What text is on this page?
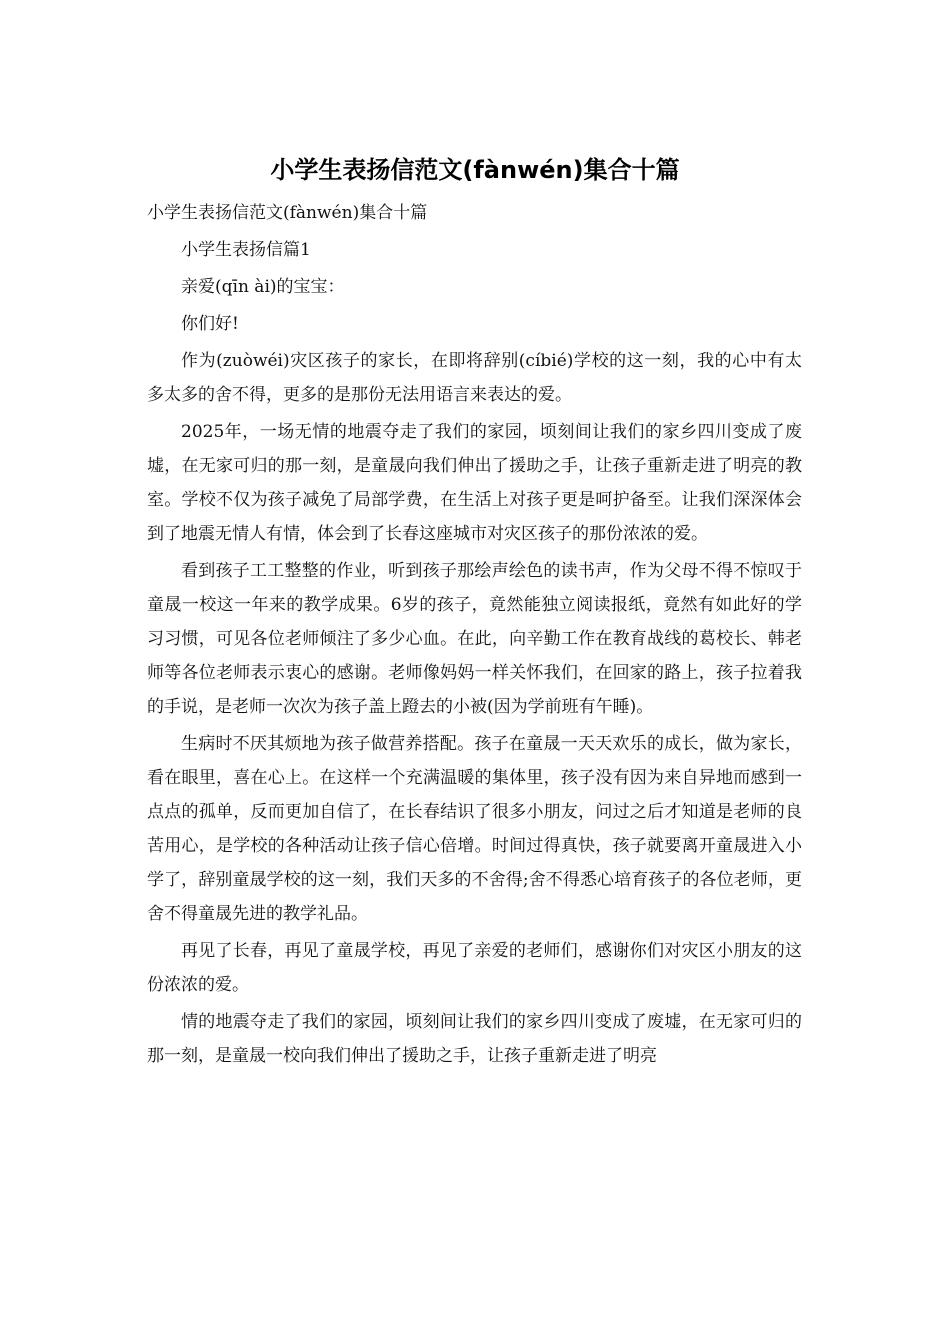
小学生表扬信范文(fànwén)集合十篇

小学生表扬信范文(fànwén)集合十篇

小学生表扬信篇1

亲爱(qīn ài)的宝宝：

你们好!

作为(zuòwéi)灾区孩子的家长，在即将辞别(cíbié)学校的这一刻，我的心中有太多太多的舍不得，更多的是那份无法用语言来表达的爱。

2025年，一场无情的地震夺走了我们的家园，顷刻间让我们的家乡四川变成了废墟，在无家可归的那一刻，是童晟向我们伸出了援助之手，让孩子重新走进了明亮的教室。学校不仅为孩子减免了局部学费，在生活上对孩子更是呵护备至。让我们深深体会到了地震无情人有情，体会到了长春这座城市对灾区孩子的那份浓浓的爱。

看到孩子工工整整的作业，听到孩子那绘声绘色的读书声，作为父母不得不惊叹于童晟一校这一年来的教学成果。6岁的孩子，竟然能独立阅读报纸，竟然有如此好的学习习惯，可见各位老师倾注了多少心血。在此，向辛勤工作在教育战线的葛校长、韩老师等各位老师表示衷心的感谢。老师像妈妈一样关怀我们，在回家的路上，孩子拉着我的手说，是老师一次次为孩子盖上蹬去的小被(因为学前班有午睡)。

生病时不厌其烦地为孩子做营养搭配。孩子在童晟一天天欢乐的成长，做为家长，看在眼里，喜在心上。在这样一个充满温暖的集体里，孩子没有因为来自异地而感到一点点的孤单，反而更加自信了，在长春结识了很多小朋友，问过之后才知道是老师的良苦用心，是学校的各种活动让孩子信心倍增。时间过得真快，孩子就要离开童晟进入小学了，辞别童晟学校的这一刻，我们天多的不舍得;舍不得悉心培育孩子的各位老师，更舍不得童晟先进的教学礼品。

再见了长春，再见了童晟学校，再见了亲爱的老师们，感谢你们对灾区小朋友的这份浓浓的爱。

情的地震夺走了我们的家园，顷刻间让我们的家乡四川变成了废墟，在无家可归的那一刻，是童晟一校向我们伸出了援助之手，让孩子重新走进了明亮
